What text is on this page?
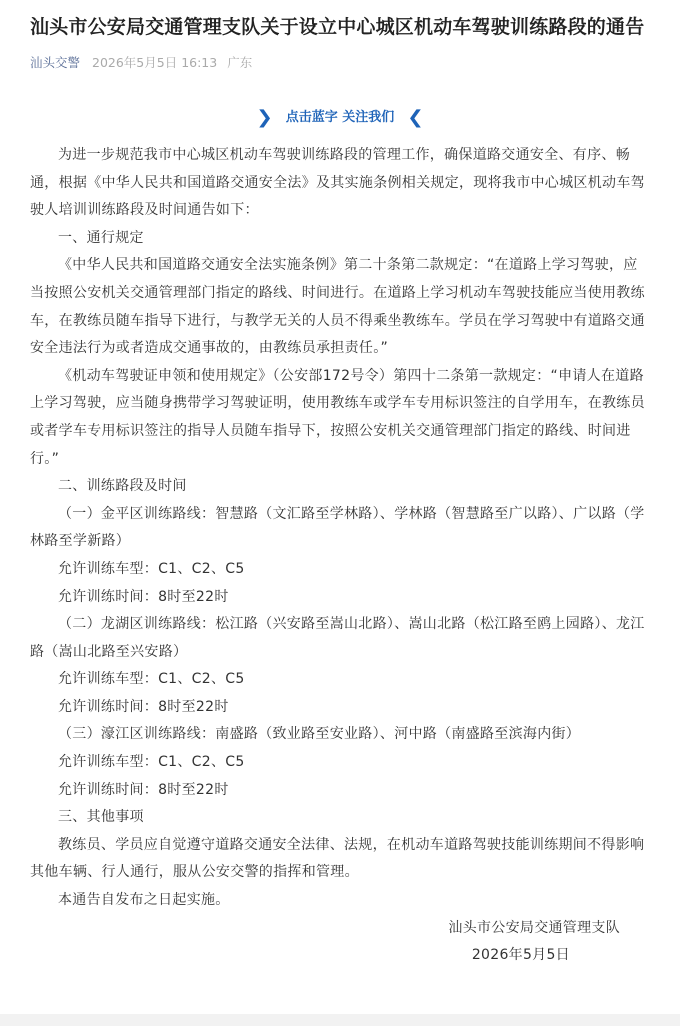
汕头市公安局交通管理支队关于设立中心城区机动车驾驶训练路段的通告
汕头交警 2026年5月5日 16:13 广东
❯ 点击蓝字 关注我们 ❮

为进一步规范我市中心城区机动车驾驶训练路段的管理工作，确保道路交通安全、有序、畅通，根据《中华人民共和国道路交通安全法》及其实施条例相关规定，现将我市中心城区机动车驾驶人培训训练路段及时间通告如下：

一、通行规定

《中华人民共和国道路交通安全法实施条例》第二十条第二款规定：“在道路上学习驾驶，应当按照公安机关交通管理部门指定的路线、时间进行。在道路上学习机动车驾驶技能应当使用教练车，在教练员随车指导下进行，与教学无关的人员不得乘坐教练车。学员在学习驾驶中有道路交通安全违法行为或者造成交通事故的，由教练员承担责任。”

《机动车驾驶证申领和使用规定》（公安部172号令）第四十二条第一款规定：“申请人在道路上学习驾驶，应当随身携带学习驾驶证明，使用教练车或学车专用标识签注的自学用车，在教练员或者学车专用标识签注的指导人员随车指导下，按照公安机关交通管理部门指定的路线、时间进行。”

二、训练路段及时间

（一）金平区训练路线：智慧路（文汇路至学林路）、学林路（智慧路至广以路）、广以路（学林路至学新路）

允许训练车型：C1、C2、C5

允许训练时间：8时至22时

（二）龙湖区训练路线：松江路（兴安路至嵩山北路）、嵩山北路（松江路至鸥上园路）、龙江路（嵩山北路至兴安路）

允许训练车型：C1、C2、C5

允许训练时间：8时至22时

（三）濠江区训练路线：南盛路（致业路至安业路）、河中路（南盛路至滨海内街）

允许训练车型：C1、C2、C5

允许训练时间：8时至22时

三、其他事项

教练员、学员应自觉遵守道路交通安全法律、法规，在机动车道路驾驶技能训练期间不得影响其他车辆、行人通行，服从公安交警的指挥和管理。

本通告自发布之日起实施。

汕头市公安局交通管理支队

2026年5月5日
